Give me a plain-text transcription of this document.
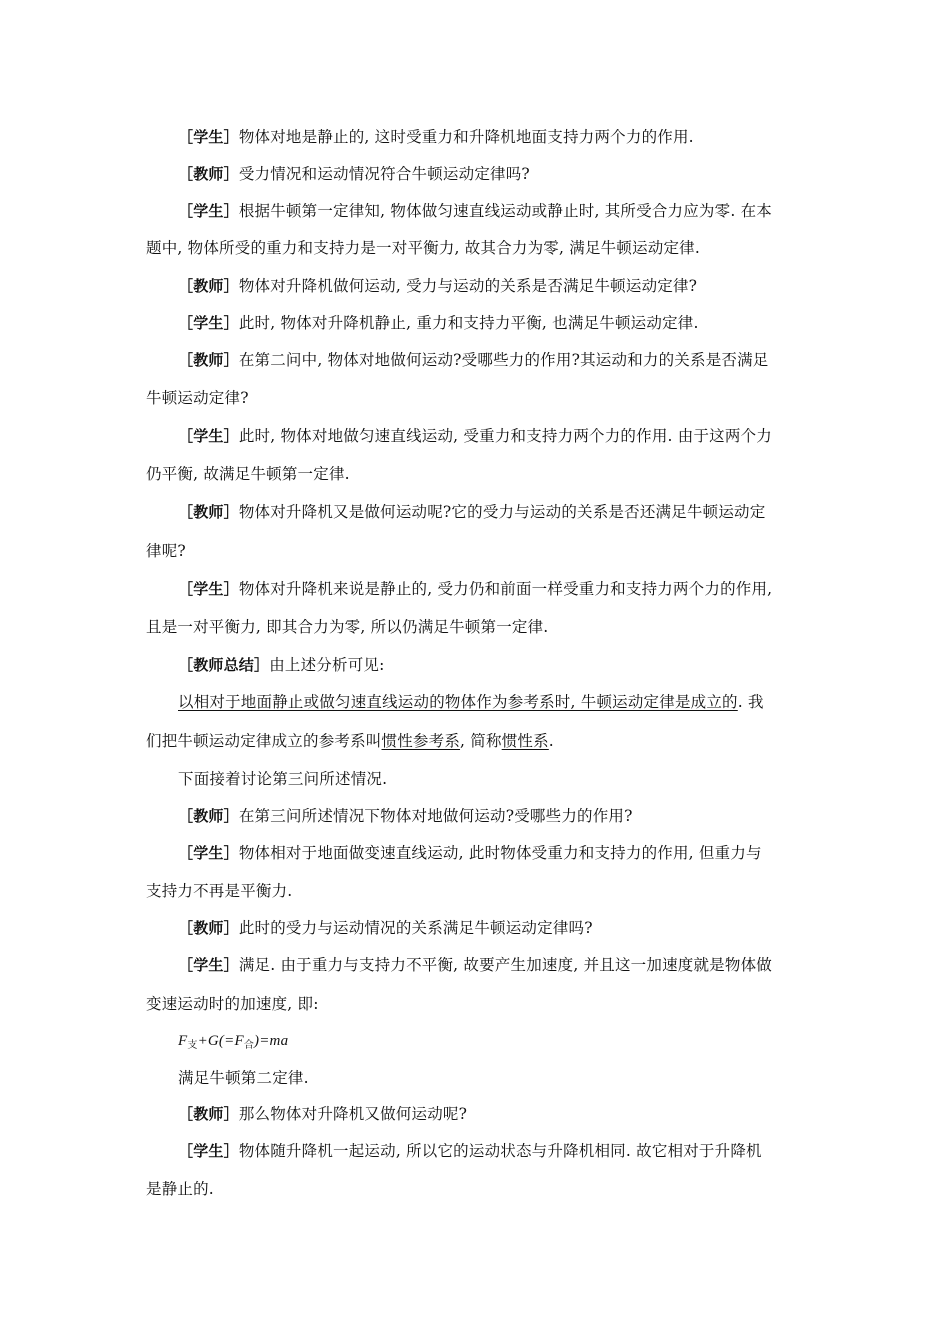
［学生］物体对地是静止的, 这时受重力和升降机地面支持力两个力的作用.
［教师］受力情况和运动情况符合牛顿运动定律吗?
［学生］根据牛顿第一定律知, 物体做匀速直线运动或静止时, 其所受合力应为零. 在本
题中, 物体所受的重力和支持力是一对平衡力, 故其合力为零, 满足牛顿运动定律.
［教师］物体对升降机做何运动, 受力与运动的关系是否满足牛顿运动定律?
［学生］此时, 物体对升降机静止, 重力和支持力平衡, 也满足牛顿运动定律.
［教师］在第二问中, 物体对地做何运动?受哪些力的作用?其运动和力的关系是否满足
牛顿运动定律?
［学生］此时, 物体对地做匀速直线运动, 受重力和支持力两个力的作用. 由于这两个力
仍平衡, 故满足牛顿第一定律.
［教师］物体对升降机又是做何运动呢?它的受力与运动的关系是否还满足牛顿运动定
律呢?
［学生］物体对升降机来说是静止的, 受力仍和前面一样受重力和支持力两个力的作用,
且是一对平衡力, 即其合力为零, 所以仍满足牛顿第一定律.
［教师总结］由上述分析可见:
以相对于地面静止或做匀速直线运动的物体作为参考系时, 牛顿运动定律是成立的. 我
们把牛顿运动定律成立的参考系叫惯性参考系, 简称惯性系.
下面接着讨论第三问所述情况.
［教师］在第三问所述情况下物体对地做何运动?受哪些力的作用?
［学生］物体相对于地面做变速直线运动, 此时物体受重力和支持力的作用, 但重力与
支持力不再是平衡力.
［教师］此时的受力与运动情况的关系满足牛顿运动定律吗?
［学生］满足. 由于重力与支持力不平衡, 故要产生加速度, 并且这一加速度就是物体做
变速运动时的加速度, 即:
$F_支+G(=F_合)=ma$
满足牛顿第二定律.
［教师］那么物体对升降机又做何运动呢?
［学生］物体随升降机一起运动, 所以它的运动状态与升降机相同. 故它相对于升降机
是静止的.
